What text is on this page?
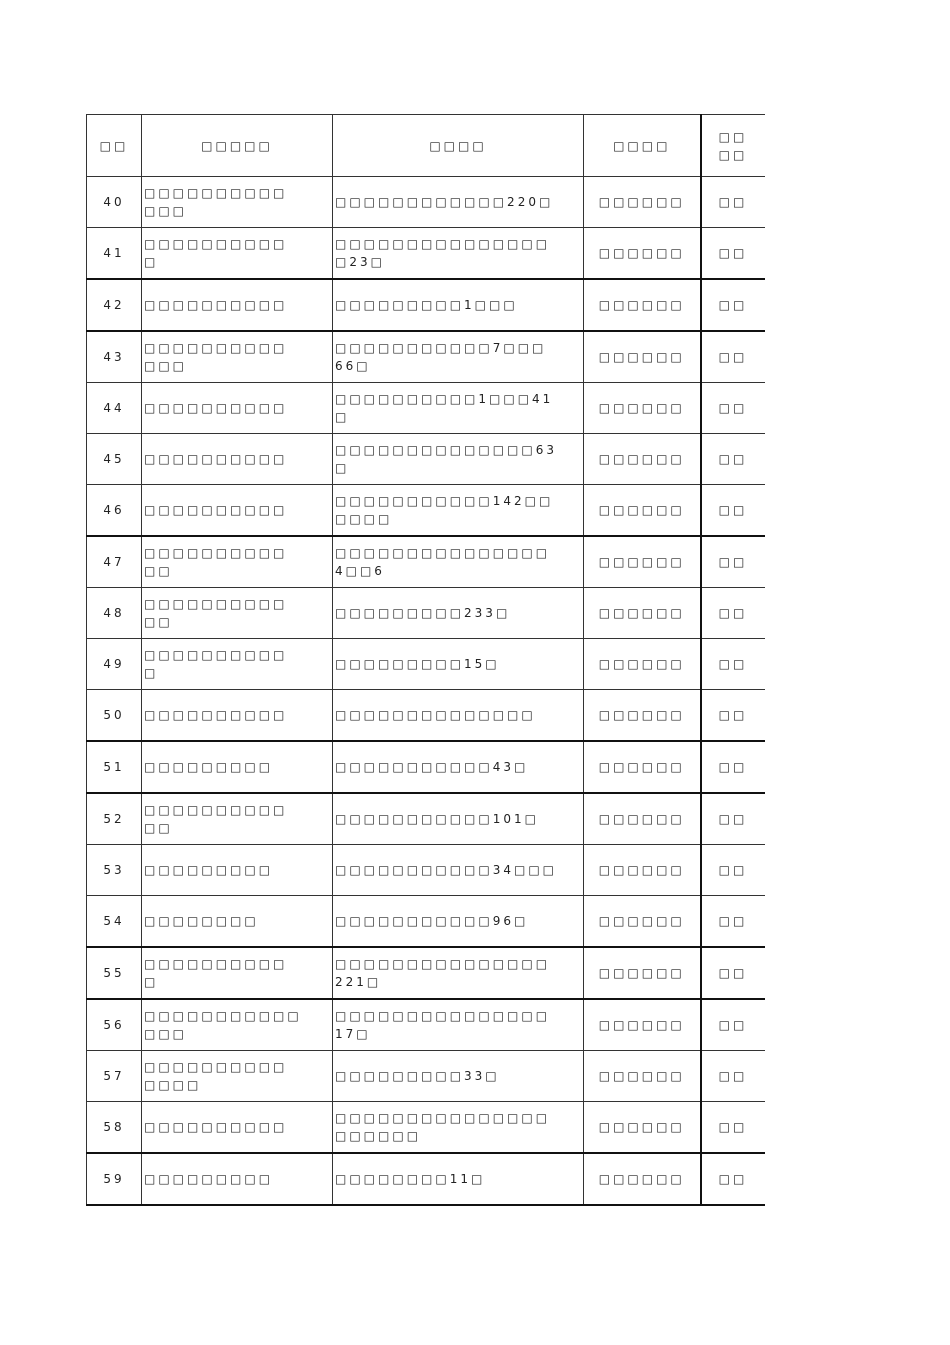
□□	□□□□□	□□□□	□□□□	□□
□□
40	□□□□□□□□□□
□□□	□□□□□□□□□□□□220□	□□□□□□	□□
41	□□□□□□□□□□
□	□□□□□□□□□□□□□□□
□23□	□□□□□□	□□
42	□□□□□□□□□□	□□□□□□□□□1□□□	□□□□□□	□□
43	□□□□□□□□□□
□□□	□□□□□□□□□□□7□□□
66□	□□□□□□	□□
44	□□□□□□□□□□	□□□□□□□□□□1□□□41
□	□□□□□□	□□
45	□□□□□□□□□□	□□□□□□□□□□□□□□63
□	□□□□□□	□□
46	□□□□□□□□□□	□□□□□□□□□□□142□□
□□□□	□□□□□□	□□
47	□□□□□□□□□□
□□	□□□□□□□□□□□□□□□
4□□6	□□□□□□	□□
48	□□□□□□□□□□
□□	□□□□□□□□□233□	□□□□□□	□□
49	□□□□□□□□□□
□	□□□□□□□□□15□	□□□□□□	□□
50	□□□□□□□□□□	□□□□□□□□□□□□□□	□□□□□□	□□
51	□□□□□□□□□	□□□□□□□□□□□43□	□□□□□□	□□
52	□□□□□□□□□□
□□	□□□□□□□□□□□101□	□□□□□□	□□
53	□□□□□□□□□	□□□□□□□□□□□34□□□	□□□□□□	□□
54	□□□□□□□□	□□□□□□□□□□□96□	□□□□□□	□□
55	□□□□□□□□□□
□	□□□□□□□□□□□□□□□
221□	□□□□□□	□□
56	□□□□□□□□□□□
□□□	□□□□□□□□□□□□□□□
17□	□□□□□□	□□
57	□□□□□□□□□□
□□□□	□□□□□□□□□33□	□□□□□□	□□
58	□□□□□□□□□□	□□□□□□□□□□□□□□□
□□□□□□	□□□□□□	□□
59	□□□□□□□□□	□□□□□□□□11□	□□□□□□	□□
